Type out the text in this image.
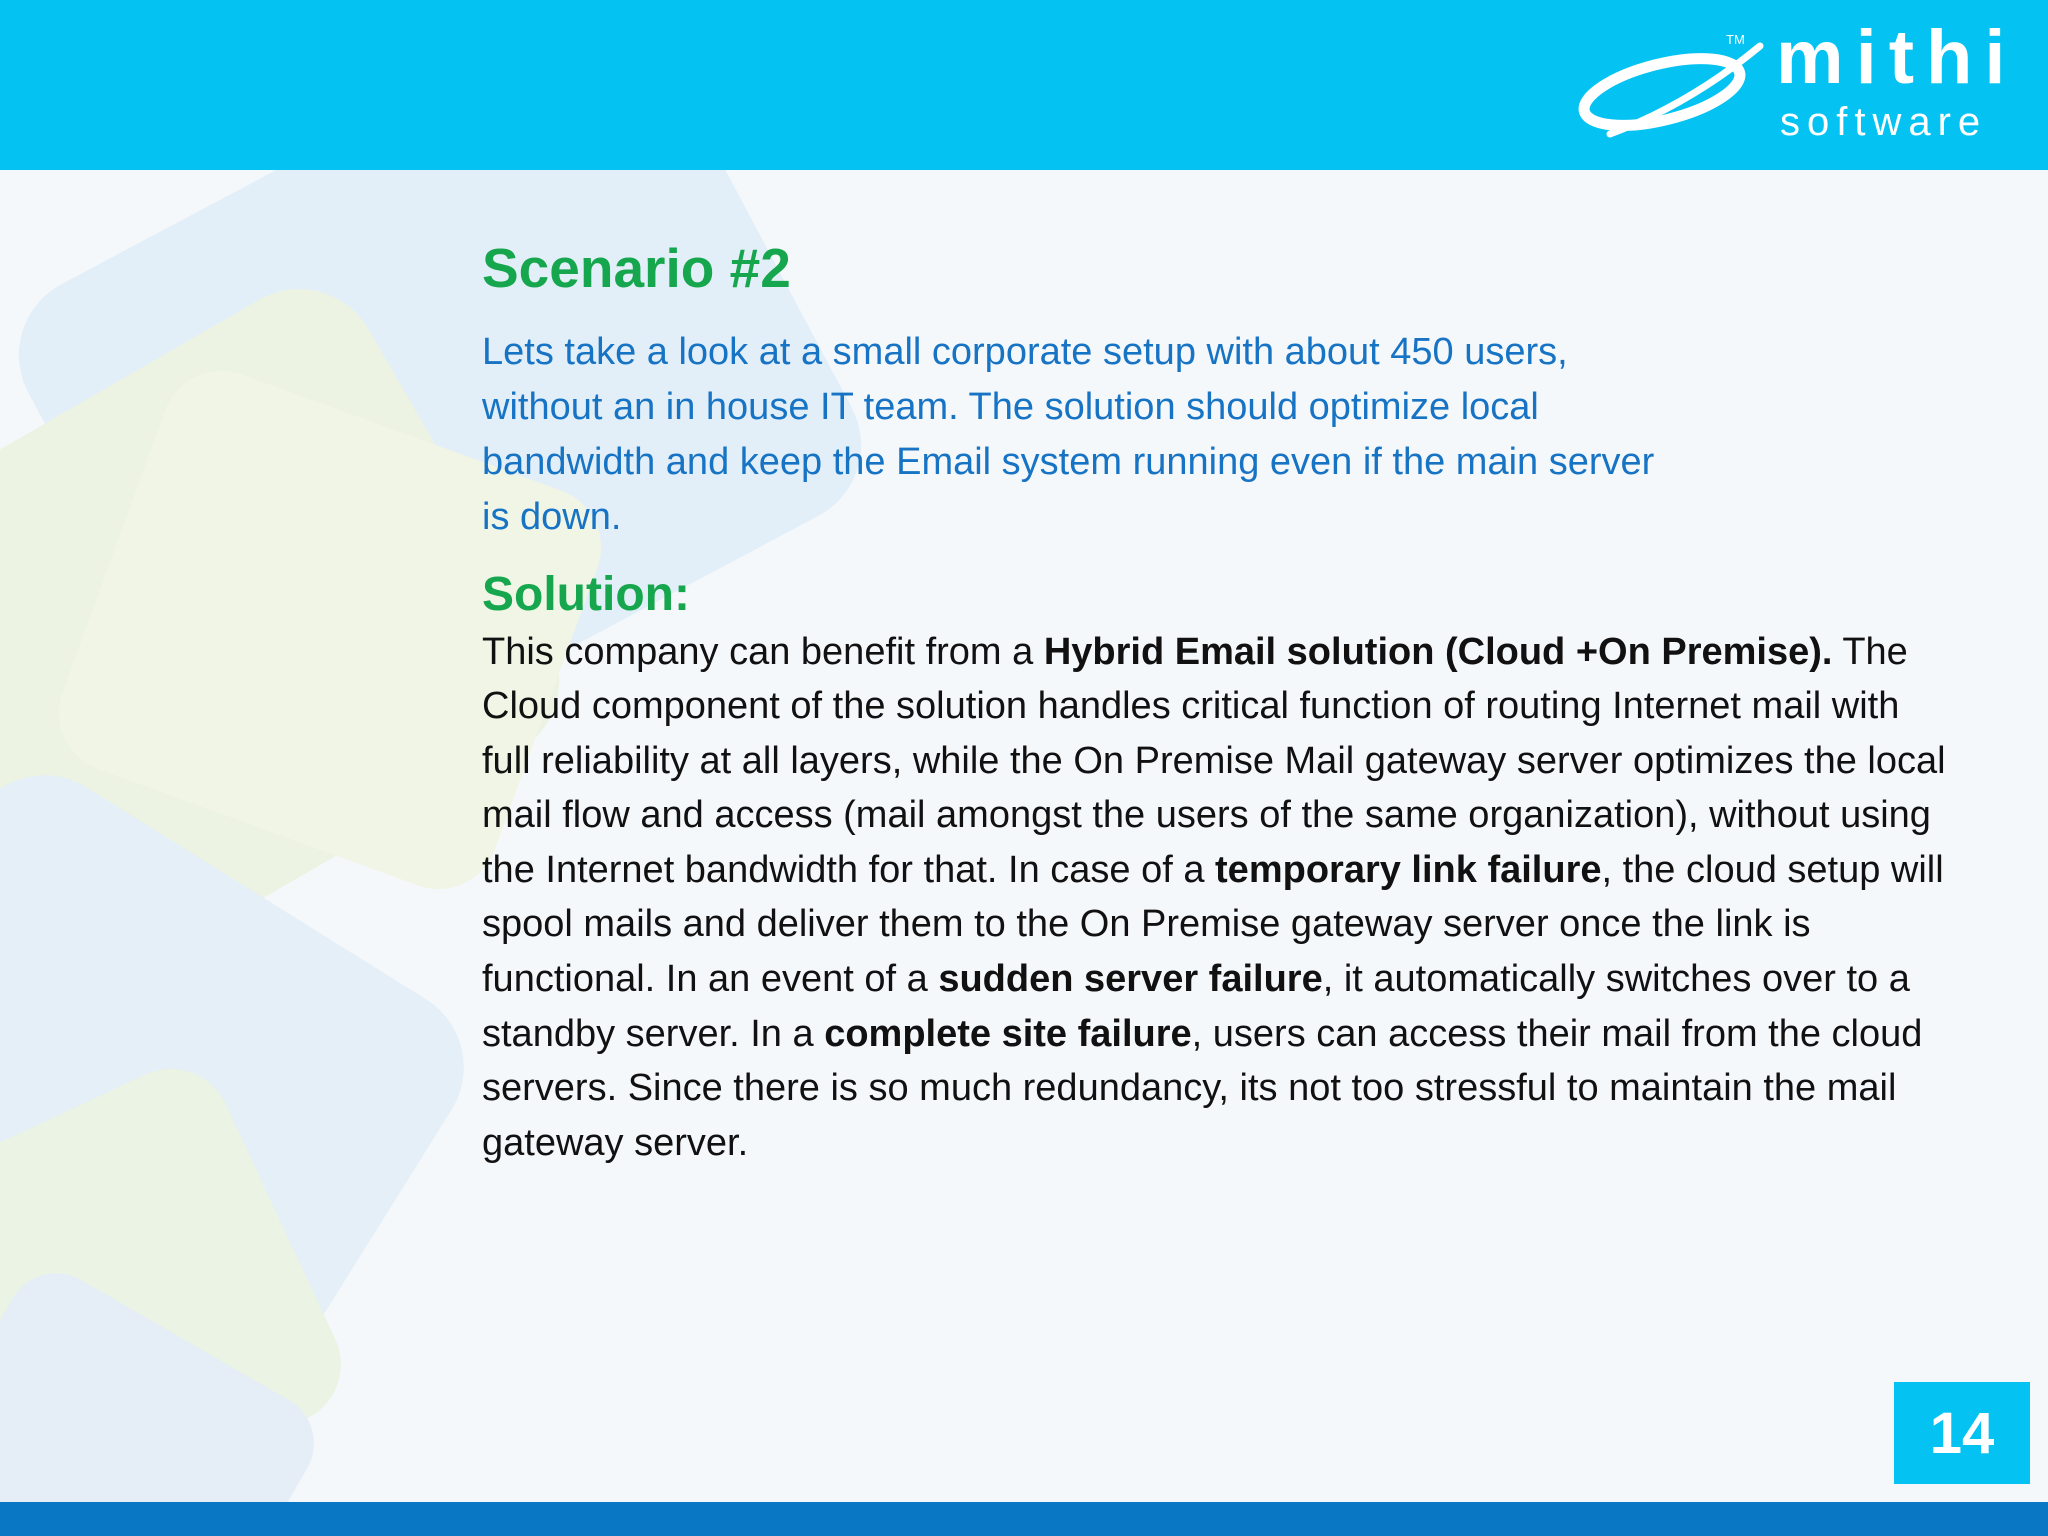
TM mithi
software
Scenario #2

Lets take a look at a small corporate setup with about 450 users, without an in house IT team. The solution should optimize local bandwidth and keep the Email system running even if the main server is down.

Solution:

This company can benefit from a Hybrid Email solution (Cloud +On Premise). The Cloud component of the solution handles critical function of routing Internet mail with full reliability at all layers, while the On Premise Mail gateway server optimizes the local mail flow and access (mail amongst the users of the same organization), without using the Internet bandwidth for that. In case of a temporary link failure, the cloud setup will spool mails and deliver them to the On Premise gateway server once the link is functional. In an event of a sudden server failure, it automatically switches over to a standby server. In a complete site failure, users can access their mail from the cloud servers. Since there is so much redundancy, its not too stressful to maintain the mail gateway server.

14
